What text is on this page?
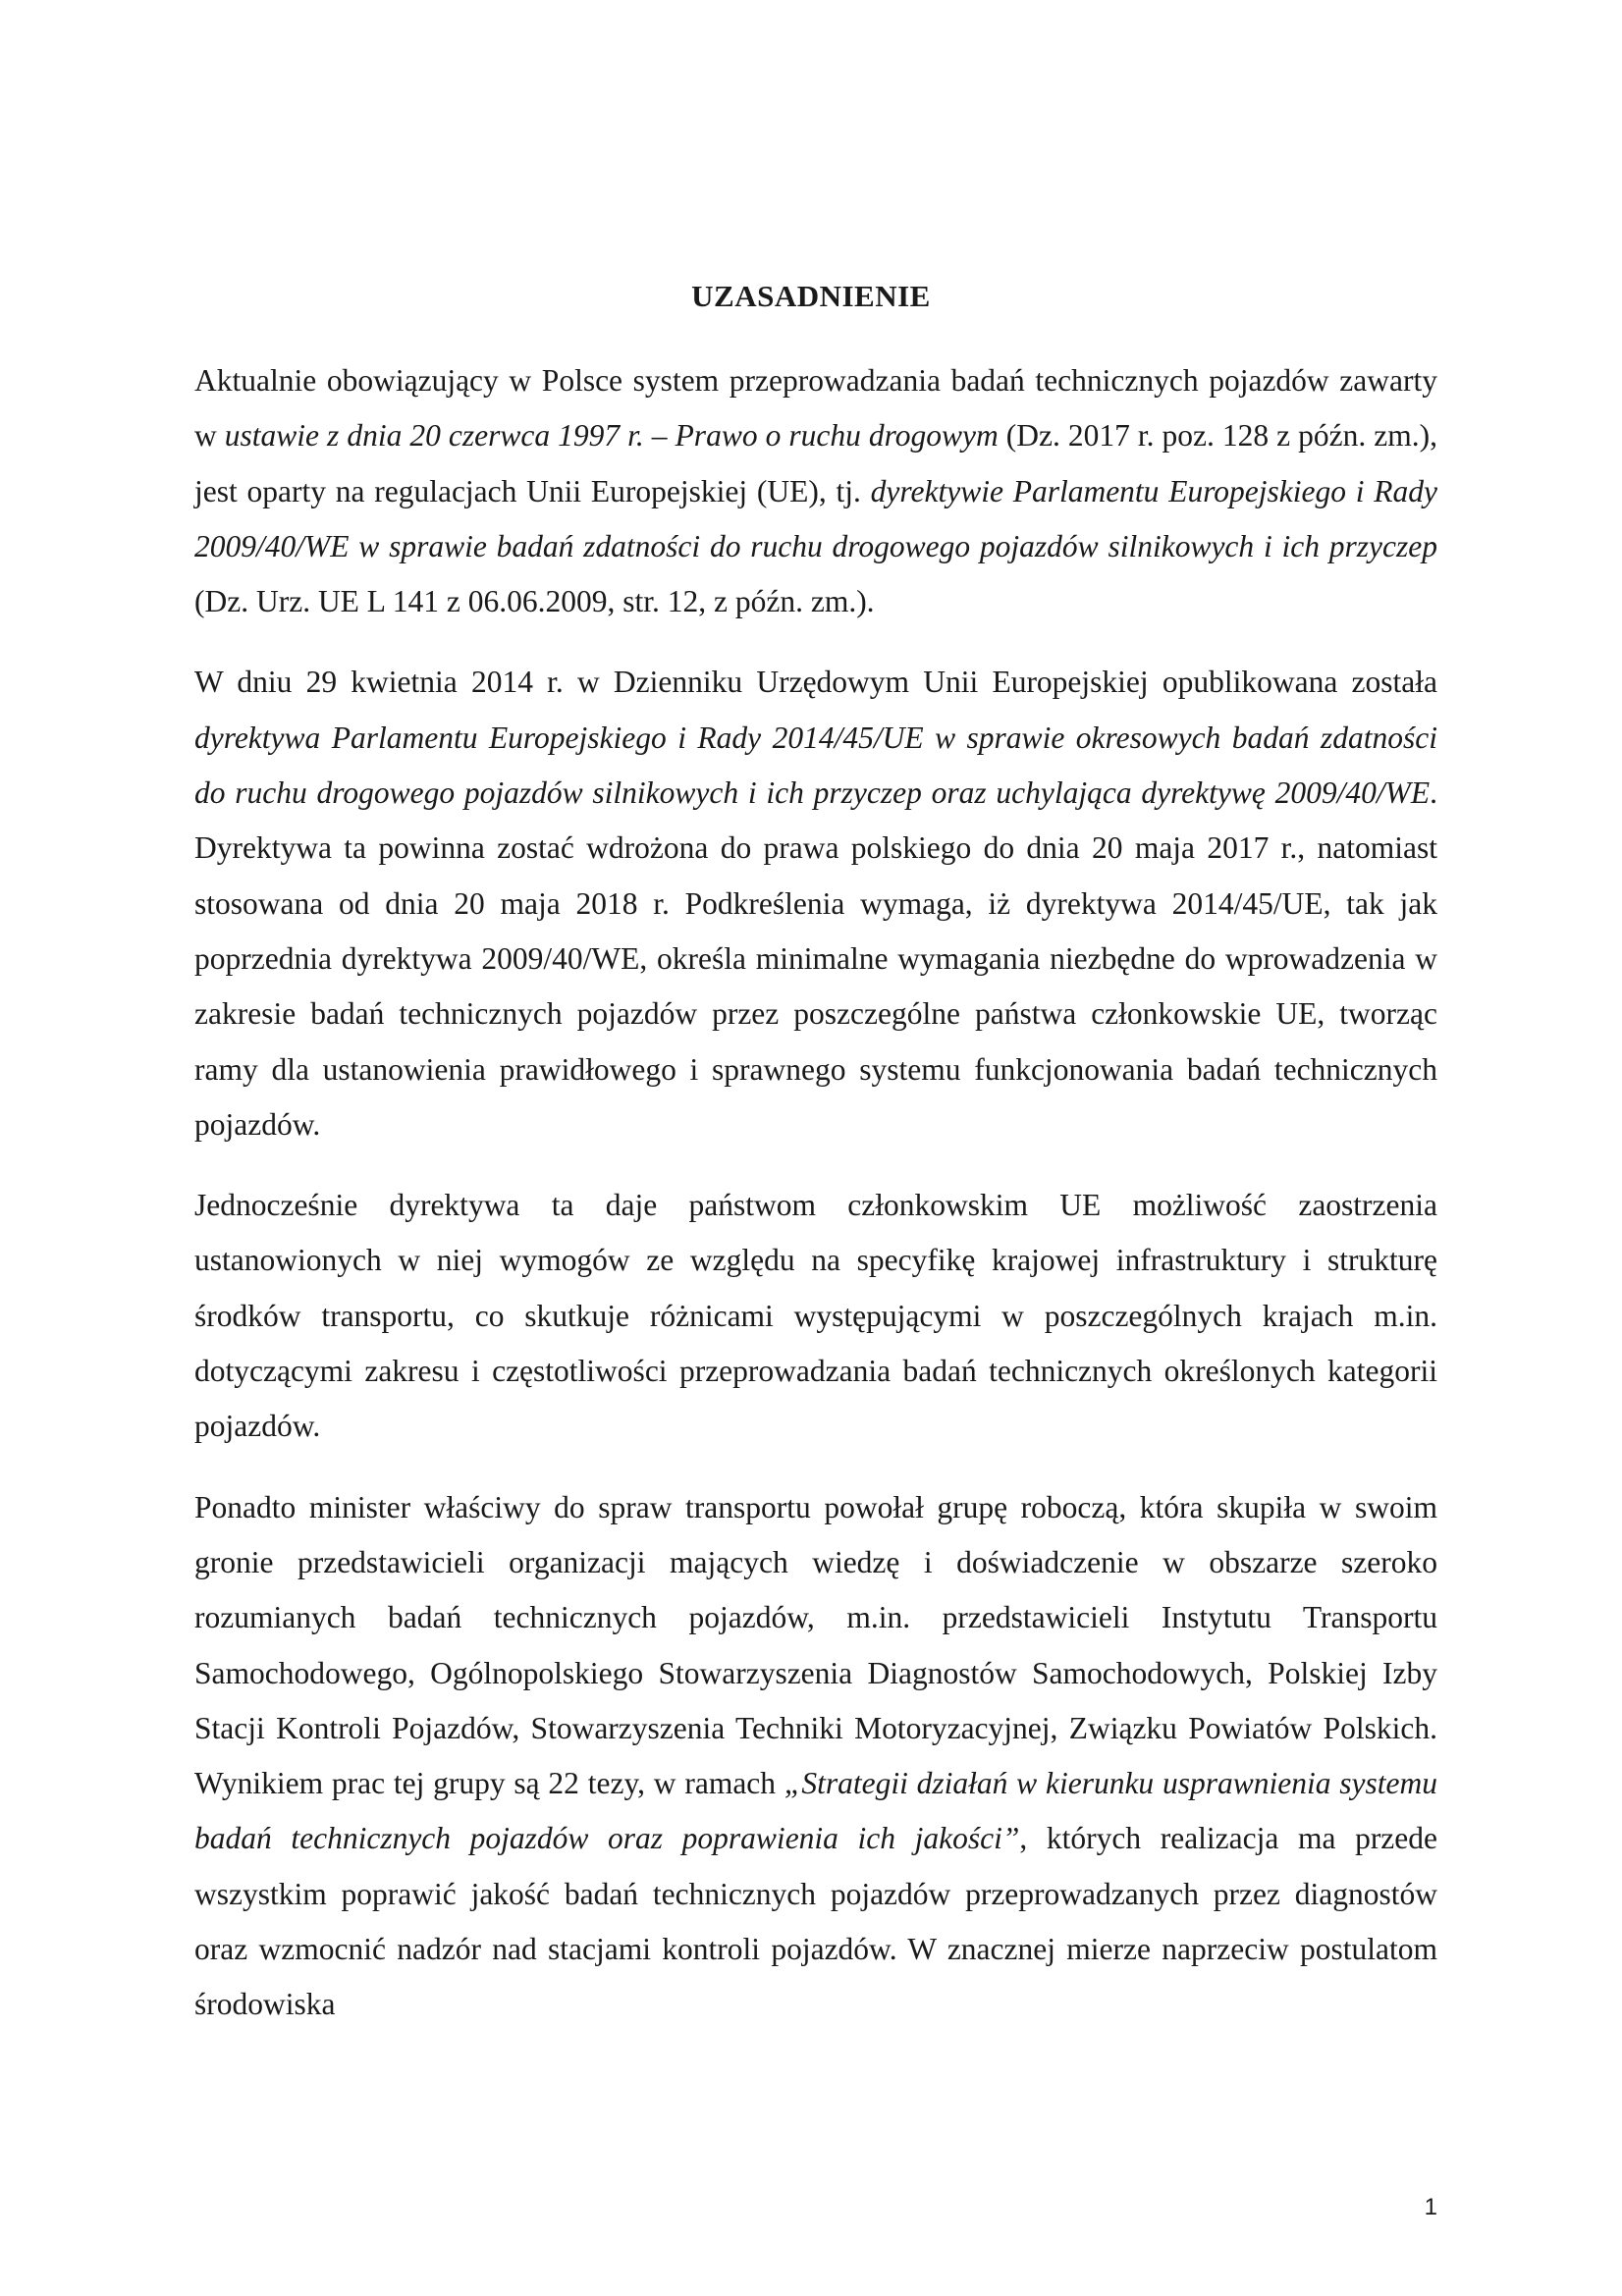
UZASADNIENIE

Aktualnie obowiązujący w Polsce system przeprowadzania badań technicznych pojazdów zawarty w ustawie z dnia 20 czerwca 1997 r. – Prawo o ruchu drogowym (Dz. 2017 r. poz. 128 z późn. zm.), jest oparty na regulacjach Unii Europejskiej (UE), tj. dyrektywie Parlamentu Europejskiego i Rady 2009/40/WE w sprawie badań zdatności do ruchu drogowego pojazdów silnikowych i ich przyczep (Dz. Urz. UE L 141 z 06.06.2009, str. 12, z późn. zm.).

W dniu 29 kwietnia 2014 r. w Dzienniku Urzędowym Unii Europejskiej opublikowana została dyrektywa Parlamentu Europejskiego i Rady 2014/45/UE w sprawie okresowych badań zdatności do ruchu drogowego pojazdów silnikowych i ich przyczep oraz uchylająca dyrektywę 2009/40/WE. Dyrektywa ta powinna zostać wdrożona do prawa polskiego do dnia 20 maja 2017 r., natomiast stosowana od dnia 20 maja 2018 r. Podkreślenia wymaga, iż dyrektywa 2014/45/UE, tak jak poprzednia dyrektywa 2009/40/WE, określa minimalne wymagania niezbędne do wprowadzenia w zakresie badań technicznych pojazdów przez poszczególne państwa członkowskie UE, tworząc ramy dla ustanowienia prawidłowego i sprawnego systemu funkcjonowania badań technicznych pojazdów.

Jednocześnie dyrektywa ta daje państwom członkowskim UE możliwość zaostrzenia ustanowionych w niej wymogów ze względu na specyfikę krajowej infrastruktury i strukturę środków transportu, co skutkuje różnicami występującymi w poszczególnych krajach m.in. dotyczącymi zakresu i częstotliwości przeprowadzania badań technicznych określonych kategorii pojazdów.

Ponadto minister właściwy do spraw transportu powołał grupę roboczą, która skupiła w swoim gronie przedstawicieli organizacji mających wiedzę i doświadczenie w obszarze szeroko rozumianych badań technicznych pojazdów, m.in. przedstawicieli Instytutu Transportu Samochodowego, Ogólnopolskiego Stowarzyszenia Diagnostów Samochodowych, Polskiej Izby Stacji Kontroli Pojazdów, Stowarzyszenia Techniki Motoryzacyjnej, Związku Powiatów Polskich. Wynikiem prac tej grupy są 22 tezy, w ramach „Strategii działań w kierunku usprawnienia systemu badań technicznych pojazdów oraz poprawienia ich jakości”, których realizacja ma przede wszystkim poprawić jakość badań technicznych pojazdów przeprowadzanych przez diagnostów oraz wzmocnić nadzór nad stacjami kontroli pojazdów. W znacznej mierze naprzeciw postulatom środowiska

1
